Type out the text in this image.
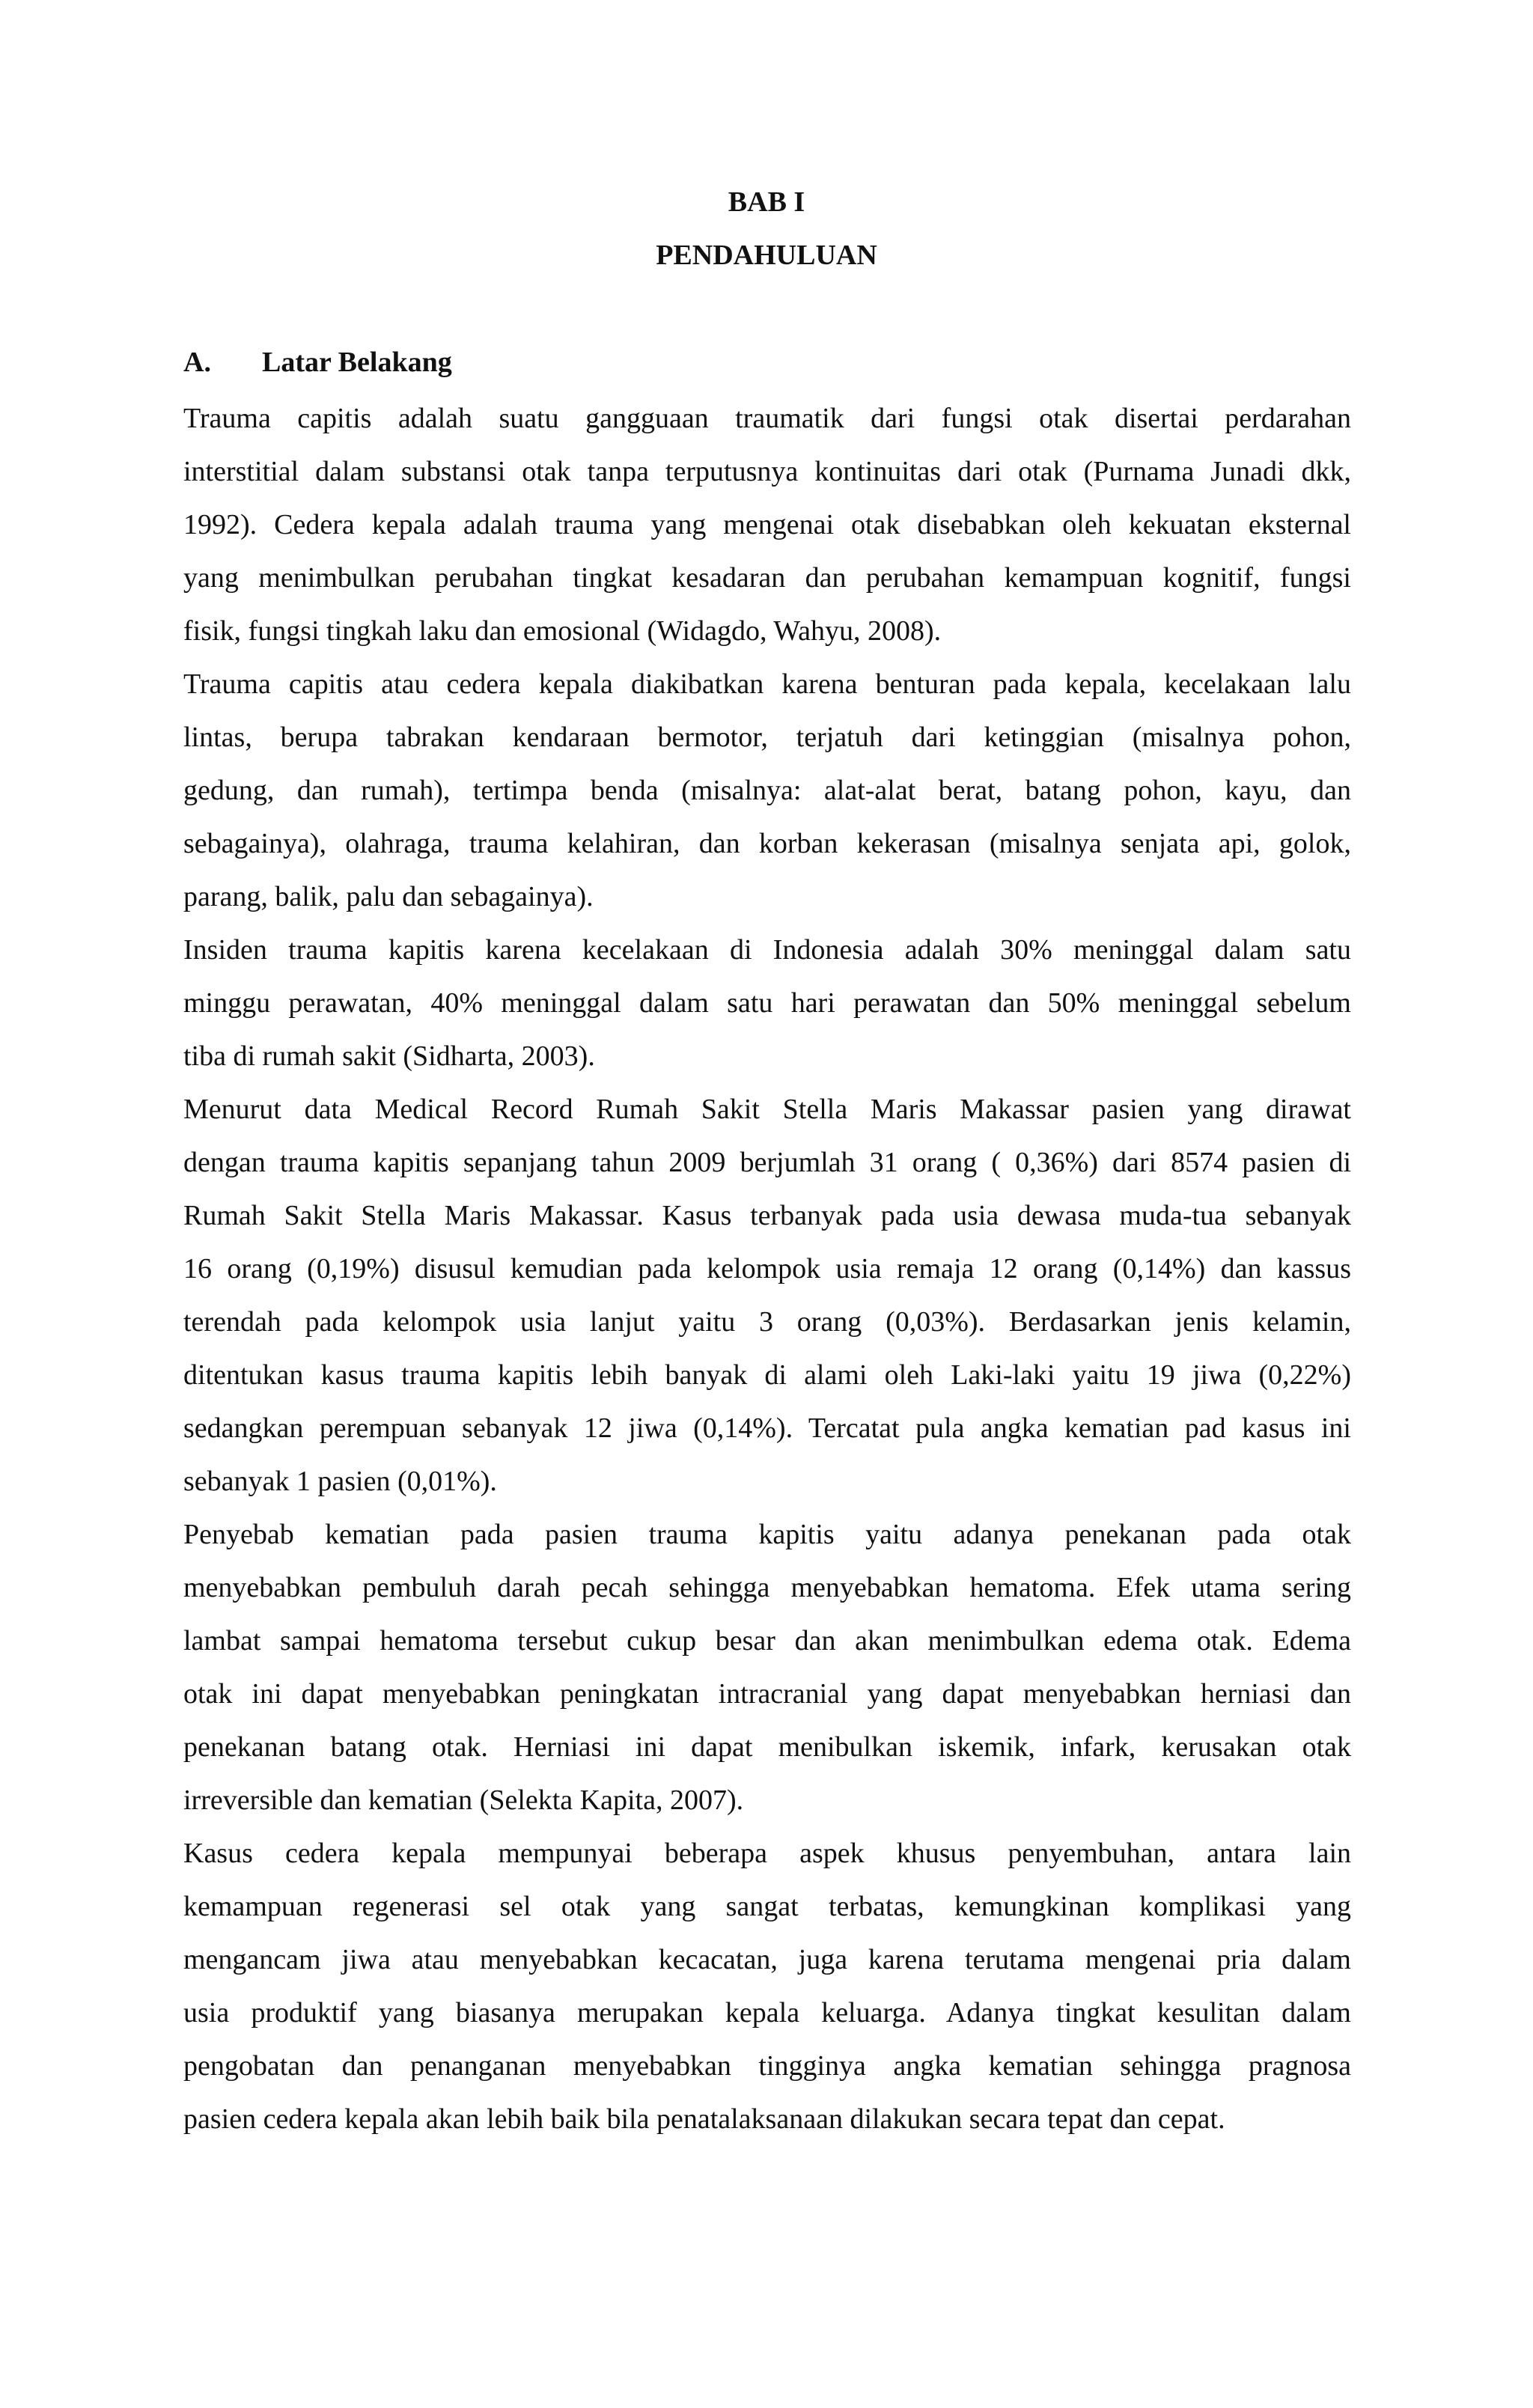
BAB I
PENDAHULUAN
A. Latar Belakang
Trauma capitis adalah suatu gangguaan traumatik dari fungsi otak disertai perdarahan
interstitial dalam substansi otak tanpa terputusnya kontinuitas dari otak (Purnama Junadi dkk,
1992). Cedera kepala adalah trauma yang mengenai otak disebabkan oleh kekuatan eksternal
yang menimbulkan perubahan tingkat kesadaran dan perubahan kemampuan kognitif, fungsi
fisik, fungsi tingkah laku dan emosional (Widagdo, Wahyu, 2008).
Trauma capitis atau cedera kepala diakibatkan karena benturan pada kepala, kecelakaan lalu
lintas, berupa tabrakan kendaraan bermotor, terjatuh dari ketinggian (misalnya pohon,
gedung, dan rumah), tertimpa benda (misalnya: alat-alat berat, batang pohon, kayu, dan
sebagainya), olahraga, trauma kelahiran, dan korban kekerasan (misalnya senjata api, golok,
parang, balik, palu dan sebagainya).
Insiden trauma kapitis karena kecelakaan di Indonesia adalah 30% meninggal dalam satu
minggu perawatan, 40% meninggal dalam satu hari perawatan dan 50% meninggal sebelum
tiba di rumah sakit (Sidharta, 2003).
Menurut data Medical Record Rumah Sakit Stella Maris Makassar pasien yang dirawat
dengan trauma kapitis sepanjang tahun 2009 berjumlah 31 orang ( 0,36%) dari 8574 pasien di
Rumah Sakit Stella Maris Makassar. Kasus terbanyak pada usia dewasa muda-tua sebanyak
16 orang (0,19%) disusul kemudian pada kelompok usia remaja 12 orang (0,14%) dan kassus
terendah pada kelompok usia lanjut yaitu 3 orang (0,03%). Berdasarkan jenis kelamin,
ditentukan kasus trauma kapitis lebih banyak di alami oleh Laki-laki yaitu 19 jiwa (0,22%)
sedangkan perempuan sebanyak 12 jiwa (0,14%). Tercatat pula angka kematian pad kasus ini
sebanyak 1 pasien (0,01%).
Penyebab kematian pada pasien trauma kapitis yaitu adanya penekanan pada otak
menyebabkan pembuluh darah pecah sehingga menyebabkan hematoma. Efek utama sering
lambat sampai hematoma tersebut cukup besar dan akan menimbulkan edema otak. Edema
otak ini dapat menyebabkan peningkatan intracranial yang dapat menyebabkan herniasi dan
penekanan batang otak. Herniasi ini dapat menibulkan iskemik, infark, kerusakan otak
irreversible dan kematian (Selekta Kapita, 2007).
Kasus cedera kepala mempunyai beberapa aspek khusus penyembuhan, antara lain
kemampuan regenerasi sel otak yang sangat terbatas, kemungkinan komplikasi yang
mengancam jiwa atau menyebabkan kecacatan, juga karena terutama mengenai pria dalam
usia produktif yang biasanya merupakan kepala keluarga. Adanya tingkat kesulitan dalam
pengobatan dan penanganan menyebabkan tingginya angka kematian sehingga pragnosa
pasien cedera kepala akan lebih baik bila penatalaksanaan dilakukan secara tepat dan cepat.
